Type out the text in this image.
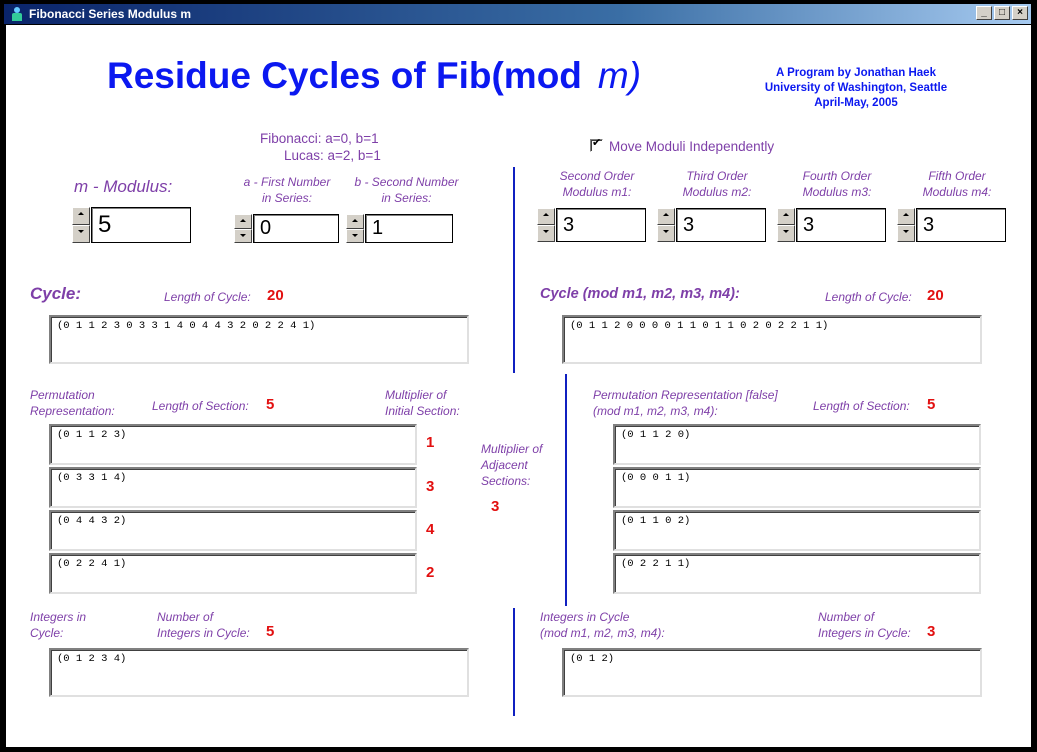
Fibonacci Series Modulus m	_	□	×
Residue Cycles of Fib(mod m)	A Program by Jonathan Haek
University of Washington, Seattle
April-May, 2005
Fibonacci: a=0, b=1
Lucas: a=2, b=1
✔ Move Moduli Independently
m - Modulus:
5
a - First Number
in Series:
0
b - Second Number
in Series:
1
Second Order
Modulus m1:
3
Third Order
Modulus m2:
3
Fourth Order
Modulus m3:
3
Fifth Order
Modulus m4:
3
Cycle:	Length of Cycle: 20
(0 1 1 2 3 0 3 3 1 4 0 4 4 3 2 0 2 2 4 1)
Cycle (mod m1, m2, m3, m4):	Length of Cycle: 20
(0 1 1 2 0 0 0 0 1 1 0 1 1 0 2 0 2 2 1 1)
Permutation
Representation:	Length of Section: 5
Multiplier of
Initial Section:
(0 1 1 2 3)	1
(0 3 3 1 4)	3
(0 4 4 3 2)	4
(0 2 2 4 1)	2
Multiplier of
Adjacent
Sections:
3
Permutation Representation [false]
(mod m1, m2, m3, m4):	Length of Section: 5
(0 1 1 2 0)
(0 0 0 1 1)
(0 1 1 0 2)
(0 2 2 1 1)
Integers in
Cycle:
Number of
Integers in Cycle: 5
(0 1 2 3 4)
Integers in Cycle
(mod m1, m2, m3, m4):
Number of
Integers in Cycle: 3
(0 1 2)
